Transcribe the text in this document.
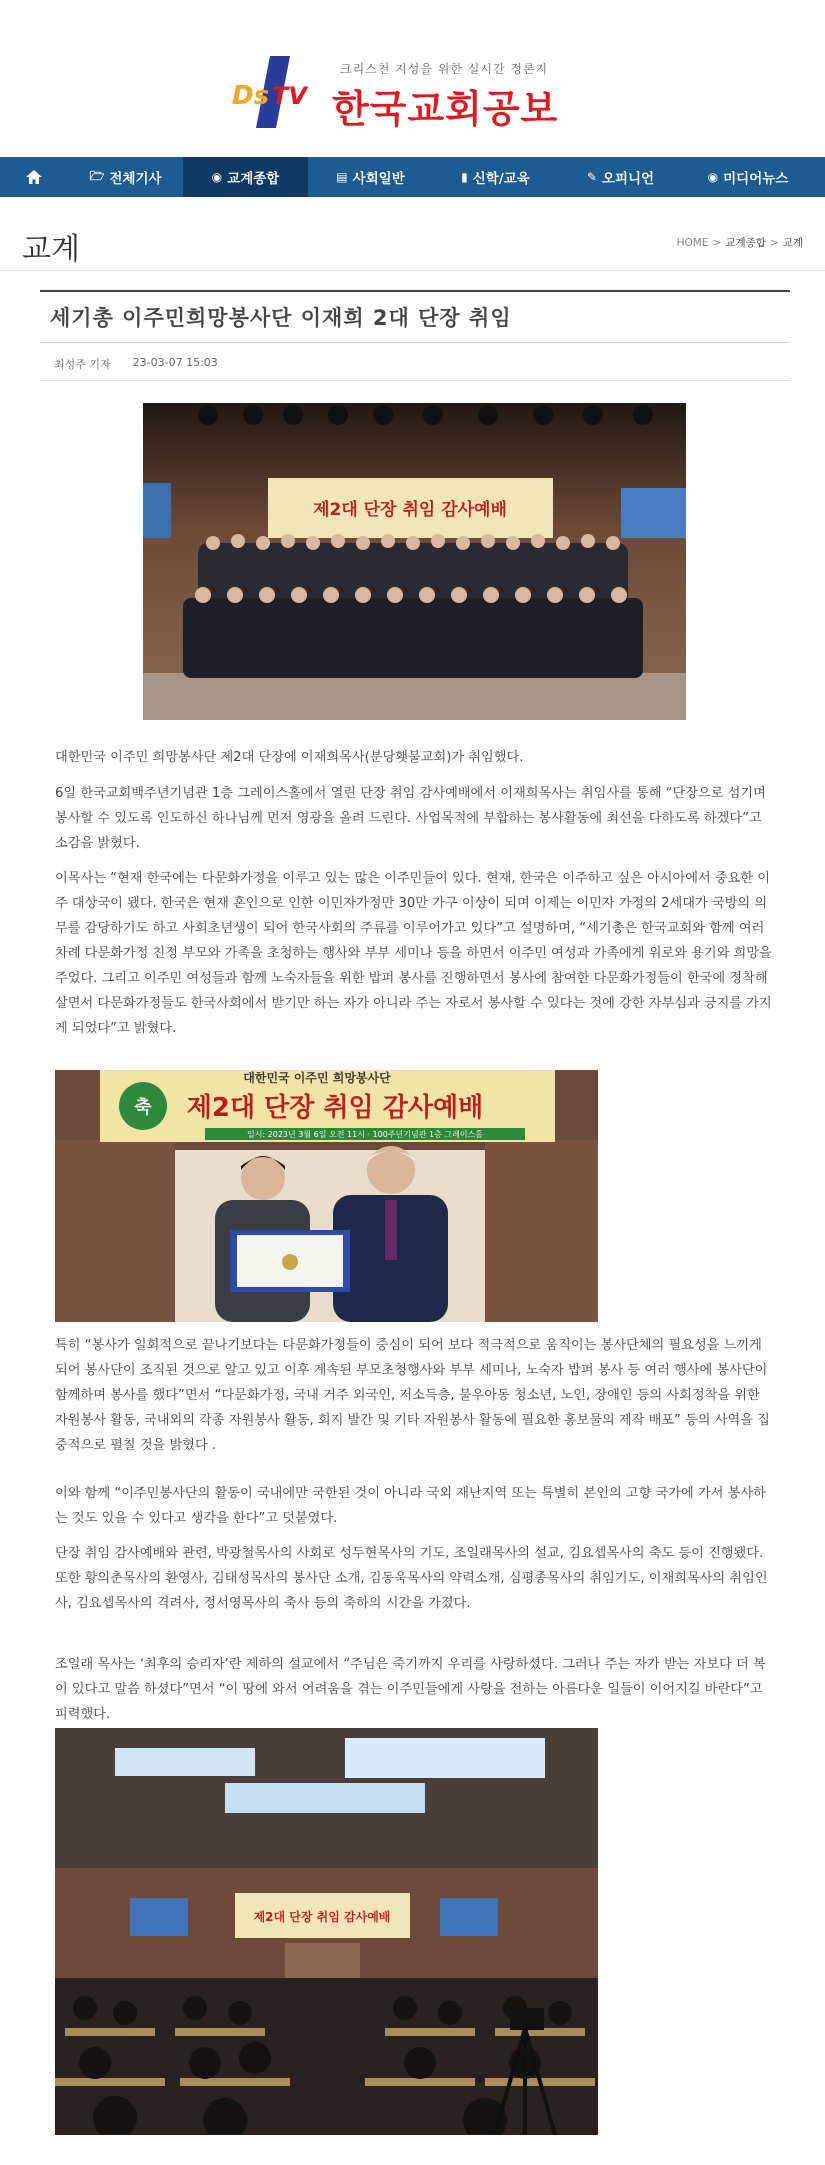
Ds TV
크리스천 지성을 위한 실시간 정론지
한국교회공보
🗁 전체기사	◉ 교계종합	▤ 사회일반	▮ 신학/교육	✎ 오피니언	◉ 미디어뉴스
교계	HOME > 교계종합 > 교계
세기총 이주민희망봉사단 이재희 2대 단장 취임
최성주 기자 23-03-07 15:03
제2대 단장 취임 감사예배

대한민국 이주민 희망봉사단 제2대 단장에 이재희목사(분당횃불교회)가 취임했다.

6일 한국교회백주년기념관 1층 그레이스홀에서 열린 단장 취임 감사예배에서 이재희목사는 취임사를 통해 “단장으로 섬기며 봉사할 수 있도록 인도하신 하나님께 먼저 영광을 올려 드린다. 사업목적에 부합하는 봉사활동에 최선을 다하도록 하겠다”고 소감을 밝혔다.

이목사는 “현재 한국에는 다문화가정을 이루고 있는 많은 이주민들이 있다. 현재, 한국은 이주하고 싶은 아시아에서 중요한 이주 대상국이 됐다. 한국은 현재 혼인으로 인한 이민자가정만 30만 가구 이상이 되며 이제는 이민자 가정의 2세대가 국방의 의무를 감당하기도 하고 사회초년생이 되어 한국사회의 주류를 이루어가고 있다”고 설명하며, “세기총은 한국교회와 함께 여러 차례 다문화가정 친정 부모와 가족을 초청하는 행사와 부부 세미나 등을 하면서 이주민 여성과 가족에게 위로와 용기와 희망을 주었다. 그리고 이주민 여성들과 함께 노숙자들을 위한 밥퍼 봉사를 진행하면서 봉사에 참여한 다문화가정들이 한국에 정착해 살면서 다문화가정들도 한국사회에서 받기만 하는 자가 아니라 주는 자로서 봉사할 수 있다는 것에 강한 자부심과 긍지를 가지게 되었다”고 밝혔다.

축
대한민국 이주민 희망봉사단
제2대 단장 취임 감사예배
일시: 2023년 3월 6일 오전 11시 · 100주년기념관 1층 그레이스홀

특히 “봉사가 일회적으로 끝나기보다는 다문화가정들이 중심이 되어 보다 적극적으로 움직이는 봉사단체의 필요성을 느끼게 되어 봉사단이 조직된 것으로 알고 있고 이후 계속된 부모초청행사와 부부 세미나, 노숙자 밥퍼 봉사 등 여러 행사에 봉사단이 함께하며 봉사를 했다”면서 “다문화가정, 국내 거주 외국인, 저소득층, 불우아동 청소년, 노인, 장애인 등의 사회정착을 위한 자원봉사 활동, 국내외의 각종 자원봉사 활동, 회지 발간 및 기타 자원봉사 활동에 필요한 홍보물의 제작 배포” 등의 사역을 집중적으로 펼칠 것을 밝혔다 .

이와 함께 “이주민봉사단의 활동이 국내에만 국한된 것이 아니라 국외 재난지역 또는 특별히 본인의 고향 국가에 가서 봉사하는 것도 있을 수 있다고 생각을 한다”고 덧붙였다.

단장 취임 감사예배와 관련, 박광철목사의 사회로 성두현목사의 기도, 조일래목사의 설교, 김요셉목사의 축도 등이 진행됐다. 또한 황의춘목사의 환영사, 김태성목사의 봉사단 소개, 김동욱목사의 약력소개, 심평종목사의 취임기도, 이재희목사의 취임인사, 김요셉목사의 격려사, 정서영목사의 축사 등의 축하의 시간을 가졌다.

조일래 목사는 ‘최후의 승리자’란 제하의 설교에서 “주님은 죽기까지 우리를 사랑하셨다. 그러나 주는 자가 받는 자보다 더 복이 있다고 말씀 하셨다”면서 “이 땅에 와서 어려움을 겪는 이주민들에게 사랑을 전하는 아름다운 일들이 이어지길 바란다”고 피력했다.

제2대 단장 취임 감사예배
